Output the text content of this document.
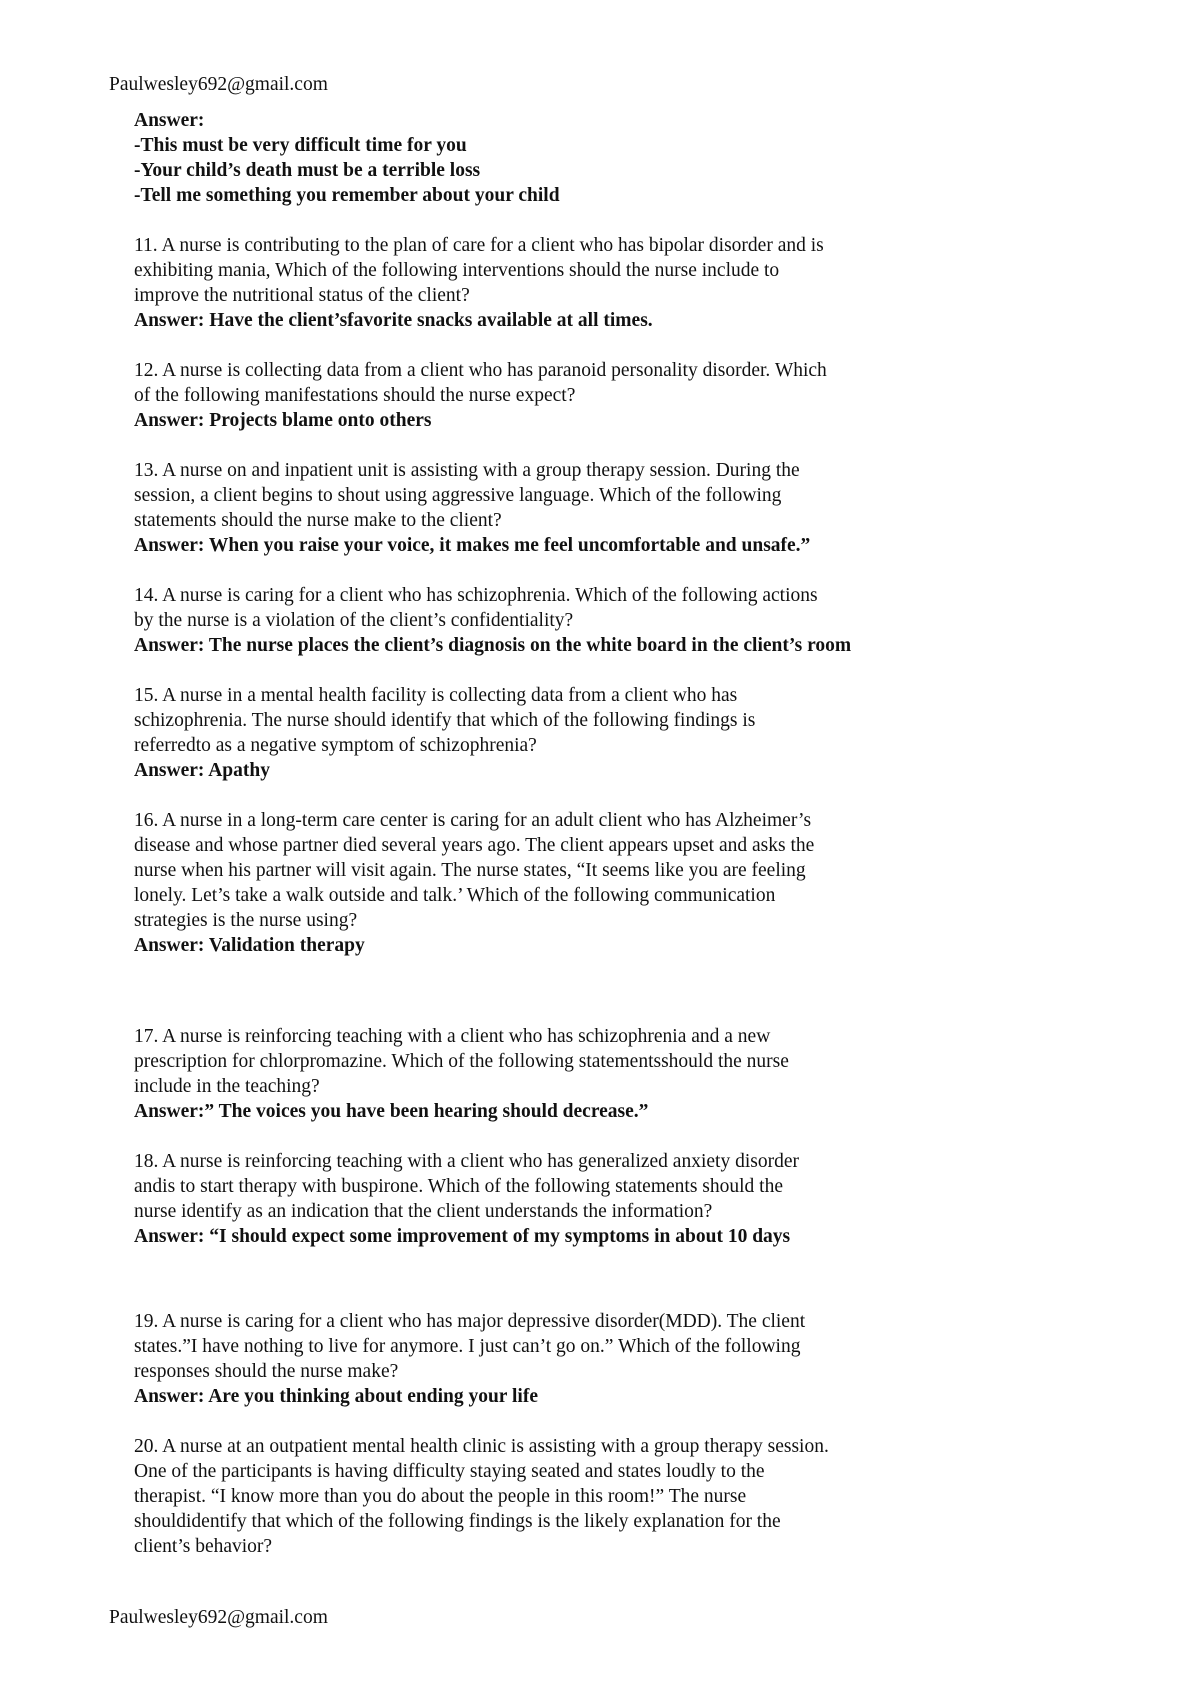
Paulwesley692@gmail.com
Answer:
-This must be very difficult time for you
-Your child’s death must be a terrible loss
-Tell me something you remember about your child
11. A nurse is contributing to the plan of care for a client who has bipolar disorder and is
exhibiting mania, Which of the following interventions should the nurse include to
improve the nutritional status of the client?
Answer: Have the client’sfavorite snacks available at all times.
12. A nurse is collecting data from a client who has paranoid personality disorder. Which
of the following manifestations should the nurse expect?
Answer: Projects blame onto others
13. A nurse on and inpatient unit is assisting with a group therapy session. During the
session, a client begins to shout using aggressive language. Which of the following
statements should the nurse make to the client?
Answer: When you raise your voice, it makes me feel uncomfortable and unsafe.”
14. A nurse is caring for a client who has schizophrenia. Which of the following actions
by the nurse is a violation of the client’s confidentiality?
Answer: The nurse places the client’s diagnosis on the white board in the client’s room
15. A nurse in a mental health facility is collecting data from a client who has
schizophrenia. The nurse should identify that which of the following findings is
referredto as a negative symptom of schizophrenia?
Answer: Apathy
16. A nurse in a long-term care center is caring for an adult client who has Alzheimer’s
disease and whose partner died several years ago. The client appears upset and asks the
nurse when his partner will visit again. The nurse states, “It seems like you are feeling
lonely. Let’s take a walk outside and talk.’ Which of the following communication
strategies is the nurse using?
Answer: Validation therapy
17. A nurse is reinforcing teaching with a client who has schizophrenia and a new
prescription for chlorpromazine. Which of the following statementsshould the nurse
include in the teaching?
Answer:” The voices you have been hearing should decrease.”
18. A nurse is reinforcing teaching with a client who has generalized anxiety disorder
andis to start therapy with buspirone. Which of the following statements should the
nurse identify as an indication that the client understands the information?
Answer: “I should expect some improvement of my symptoms in about 10 days
19. A nurse is caring for a client who has major depressive disorder(MDD). The client
states.”I have nothing to live for anymore. I just can’t go on.” Which of the following
responses should the nurse make?
Answer: Are you thinking about ending your life
20. A nurse at an outpatient mental health clinic is assisting with a group therapy session.
One of the participants is having difficulty staying seated and states loudly to the
therapist. “I know more than you do about the people in this room!” The nurse
shouldidentify that which of the following findings is the likely explanation for the
client’s behavior?
Paulwesley692@gmail.com
